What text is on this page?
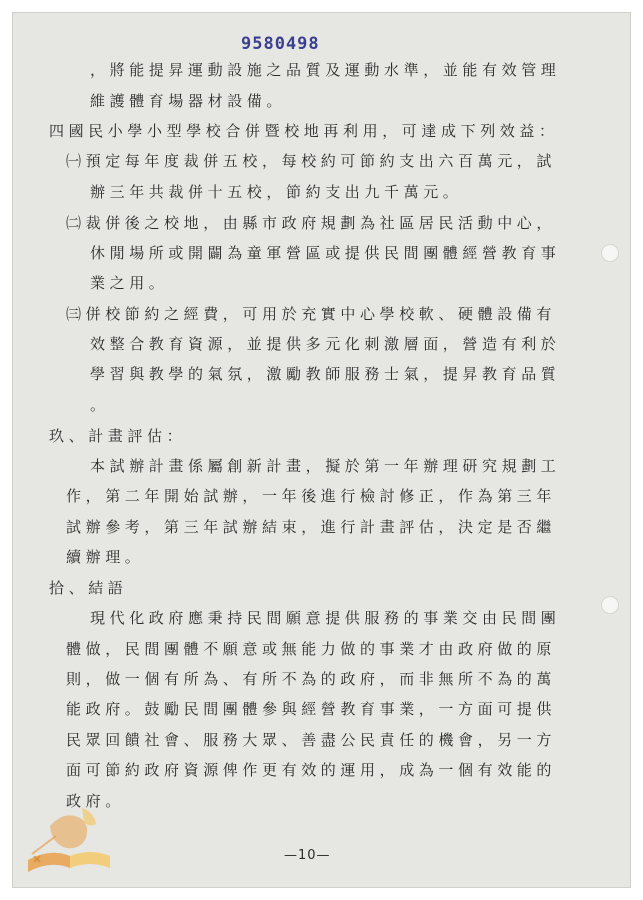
9580498
，將能提昇運動設施之品質及運動水準，並能有效管理
維護體育場器材設備。
四國民小學小型學校合併暨校地再利用，可達成下列效益：
㈠預定每年度裁併五校，每校約可節約支出六百萬元，試
辦三年共裁併十五校，節約支出九千萬元。
㈡裁併後之校地，由縣市政府規劃為社區居民活動中心，
休閒場所或開闢為童軍營區或提供民間團體經營教育事
業之用。
㈢併校節約之經費，可用於充實中心學校軟、硬體設備有
效整合教育資源，並提供多元化刺激層面，營造有利於
學習與教學的氣氛，激勵教師服務士氣，提昇教育品質
。
玖、計畫評估：
本試辦計畫係屬創新計畫，擬於第一年辦理研究規劃工
作，第二年開始試辦，一年後進行檢討修正，作為第三年
試辦參考，第三年試辦結束，進行計畫評估，決定是否繼
續辦理。
拾、結語
現代化政府應秉持民間願意提供服務的事業交由民間團
體做，民間團體不願意或無能力做的事業才由政府做的原
則，做一個有所為、有所不為的政府，而非無所不為的萬
能政府。鼓勵民間團體參與經營教育事業，一方面可提供
民眾回饋社會、服務大眾、善盡公民責任的機會，另一方
面可節約政府資源俾作更有效的運用，成為一個有效能的
政府。
—10—
